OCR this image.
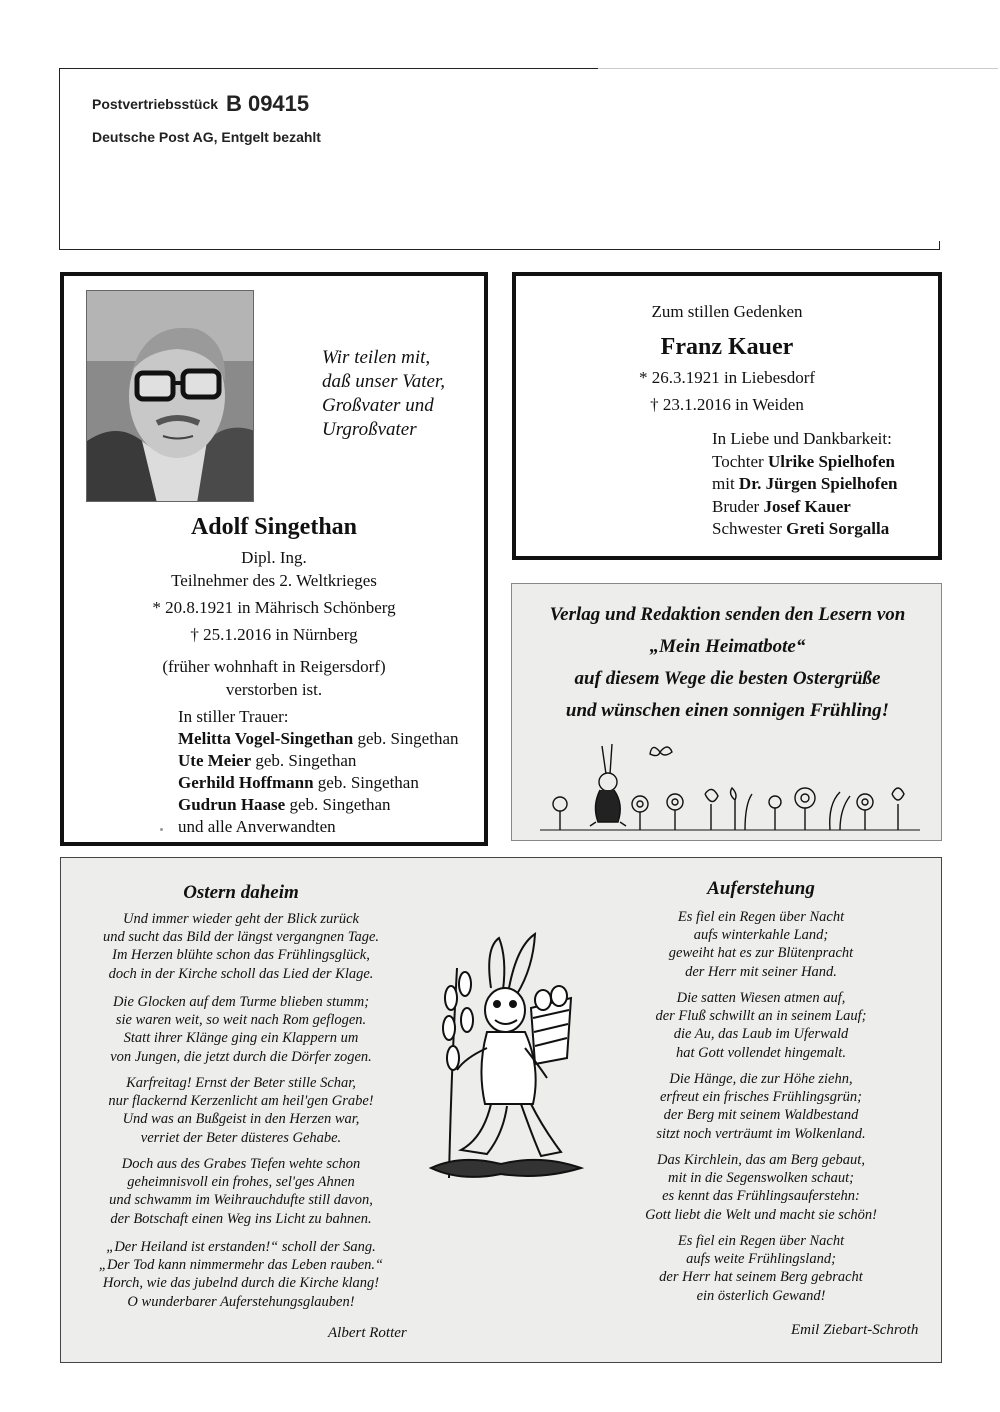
Postvertriebsstück B 09415
Deutsche Post AG, Entgelt bezahlt
Wir teilen mit,
daß unser Vater,
Großvater und
Urgroßvater
Adolf Singethan
Dipl. Ing.
Teilnehmer des 2. Weltkrieges
* 20.8.1921 in Mährisch Schönberg
† 25.1.2016 in Nürnberg
(früher wohnhaft in Reigersdorf)
verstorben ist.
In stiller Trauer:
Melitta Vogel-Singethan geb. Singethan
Ute Meier geb. Singethan
Gerhild Hoffmann geb. Singethan
Gudrun Haase geb. Singethan
und alle Anverwandten
Zum stillen Gedenken
Franz Kauer
* 26.3.1921 in Liebesdorf
† 23.1.2016 in Weiden
In Liebe und Dankbarkeit:
Tochter Ulrike Spielhofen
mit Dr. Jürgen Spielhofen
Bruder Josef Kauer
Schwester Greti Sorgalla
Verlag und Redaktion senden den Lesern von
„Mein Heimatbote“
auf diesem Wege die besten Ostergrüße
und wünschen einen sonnigen Frühling!
Ostern daheim
Und immer wieder geht der Blick zurück
und sucht das Bild der längst vergangnen Tage.
Im Herzen blühte schon das Frühlingsglück,
doch in der Kirche scholl das Lied der Klage.
Die Glocken auf dem Turme blieben stumm;
sie waren weit, so weit nach Rom geflogen.
Statt ihrer Klänge ging ein Klappern um
von Jungen, die jetzt durch die Dörfer zogen.
Karfreitag! Ernst der Beter stille Schar,
nur flackernd Kerzenlicht am heil'gen Grabe!
Und was an Bußgeist in den Herzen war,
verriet der Beter düsteres Gehabe.
Doch aus des Grabes Tiefen wehte schon
geheimnisvoll ein frohes, sel'ges Ahnen
und schwamm im Weihrauchdufte still davon,
der Botschaft einen Weg ins Licht zu bahnen.
„Der Heiland ist erstanden!“ scholl der Sang.
„Der Tod kann nimmermehr das Leben rauben.“
Horch, wie das jubelnd durch die Kirche klang!
O wunderbarer Auferstehungsglauben!
Albert Rotter
Auferstehung
Es fiel ein Regen über Nacht
aufs winterkahle Land;
geweiht hat es zur Blütenpracht
der Herr mit seiner Hand.
Die satten Wiesen atmen auf,
der Fluß schwillt an in seinem Lauf;
die Au, das Laub im Uferwald
hat Gott vollendet hingemalt.
Die Hänge, die zur Höhe ziehn,
erfreut ein frisches Frühlingsgrün;
der Berg mit seinem Waldbestand
sitzt noch verträumt im Wolkenland.
Das Kirchlein, das am Berg gebaut,
mit in die Segenswolken schaut;
es kennt das Frühlingsauferstehn:
Gott liebt die Welt und macht sie schön!
Es fiel ein Regen über Nacht
aufs weite Frühlingsland;
der Herr hat seinem Berg gebracht
ein österlich Gewand!
Emil Ziebart-Schroth
